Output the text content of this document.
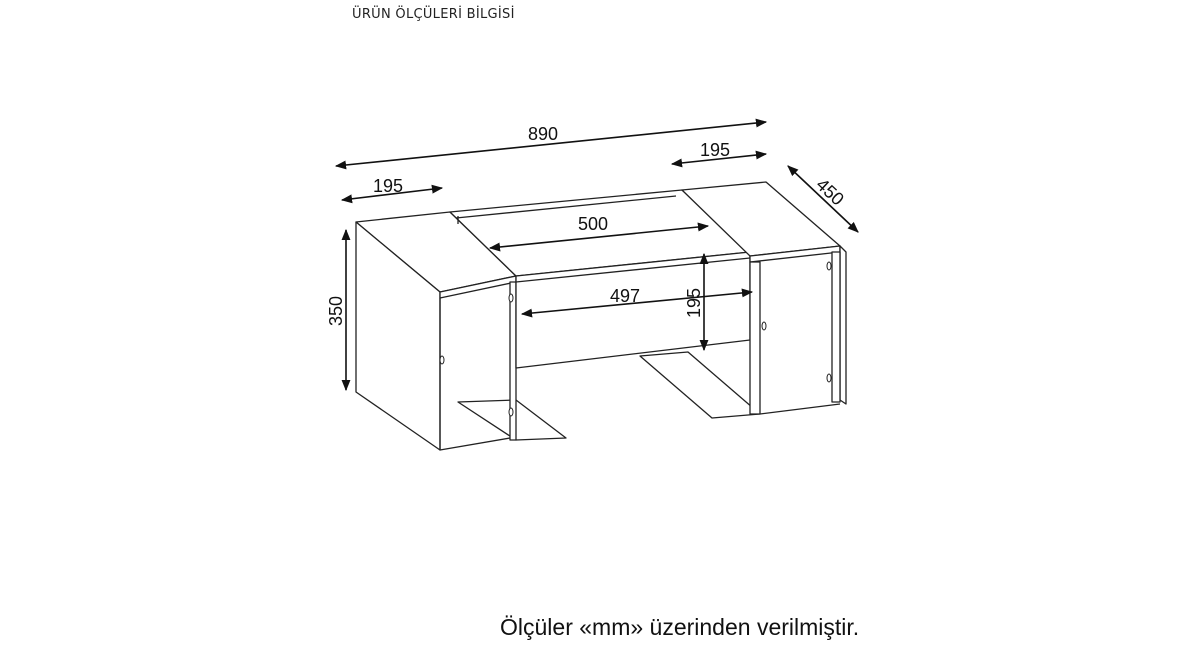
ÜRÜN ÖLÇÜLERİ BİLGİSİ
890
195
195	450
350
500
497 195
Ölçüler «mm» üzerinden verilmiştir.
